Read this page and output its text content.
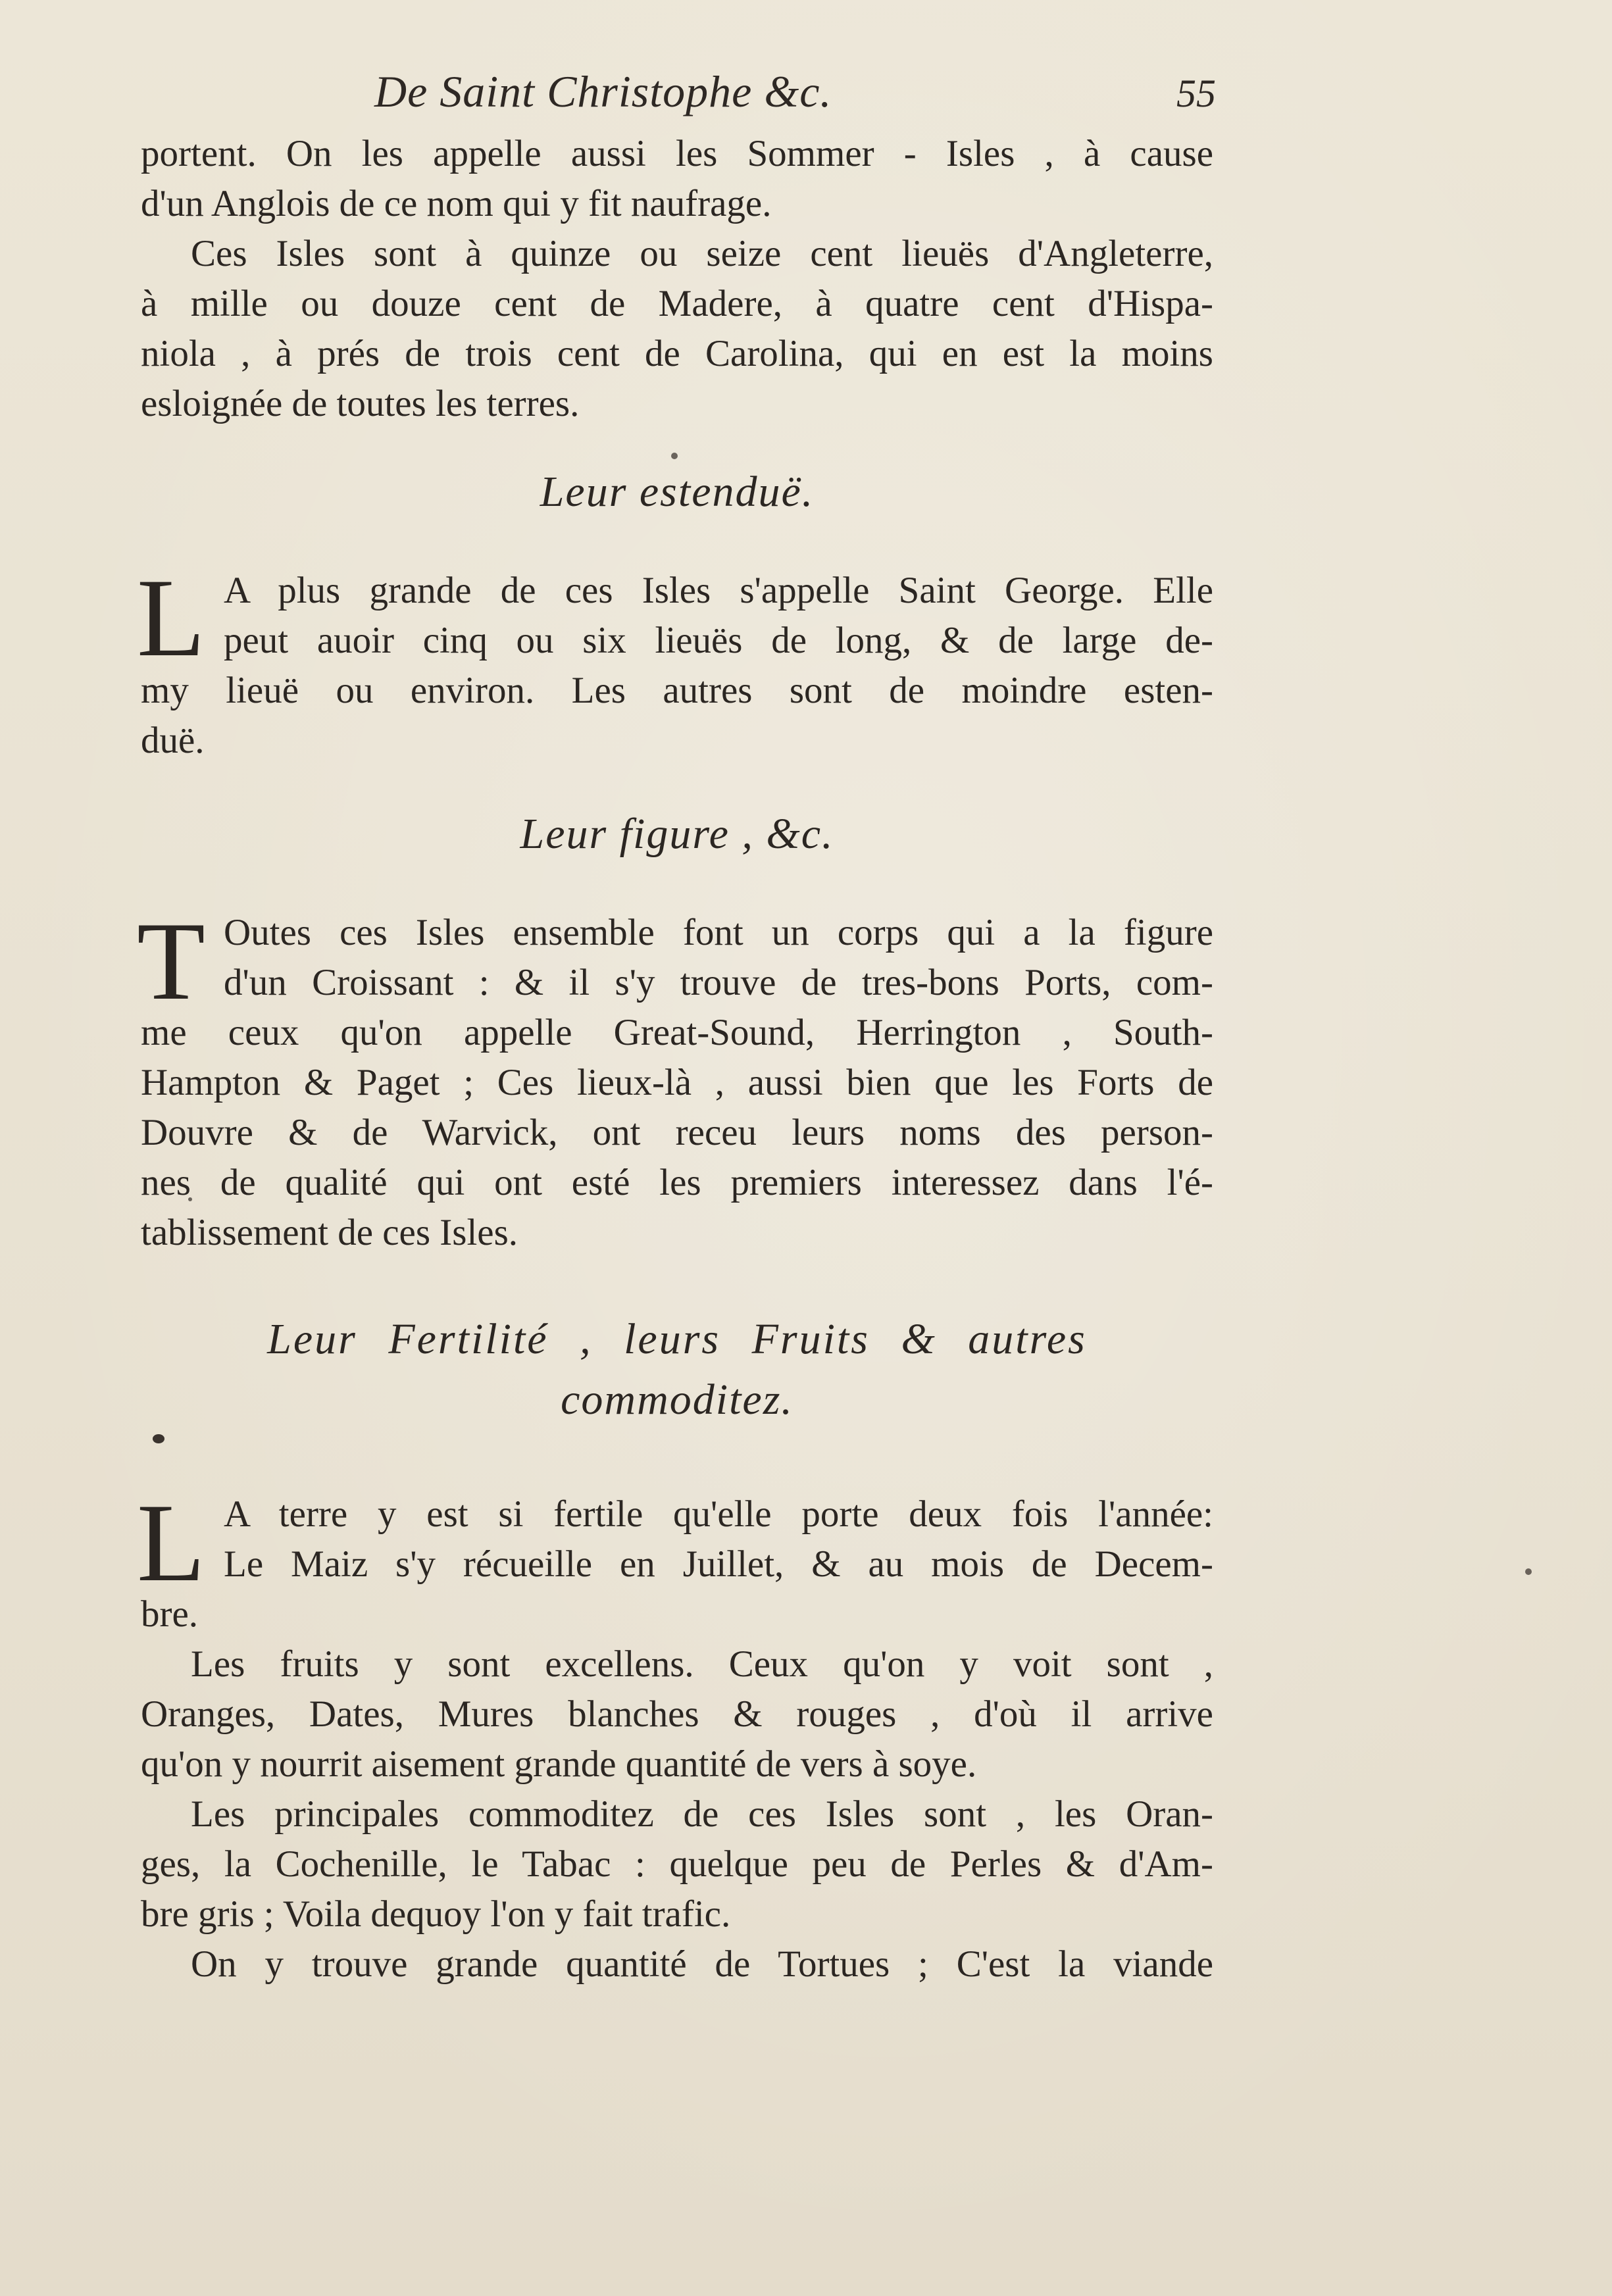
De Saint Christophe &c.	55
portent. On les appelle aussi les Sommer - Isles , à cause
d'un Anglois de ce nom qui y fit naufrage.
Ces Isles sont à quinze ou seize cent lieuës d'Angleterre,
à mille ou douze cent de Madere, à quatre cent d'Hispa-
niola , à prés de trois cent de Carolina, qui en est la moins
esloignée de toutes les terres.
Leur estenduë.
L A plus grande de ces Isles s'appelle Saint George. Elle
peut auoir cinq ou six lieuës de long, & de large de-
my lieuë ou environ. Les autres sont de moindre esten-
duë.
Leur figure , &c.
T Outes ces Isles ensemble font un corps qui a la figure
d'un Croissant : & il s'y trouve de tres-bons Ports, com-
me ceux qu'on appelle Great-Sound, Herrington , South-
Hampton & Paget ; Ces lieux-là , aussi bien que les Forts de
Douvre & de Warvick, ont receu leurs noms des person-
nes de qualité qui ont esté les premiers interessez dans l'é-
tablissement de ces Isles.
Leur Fertilité , leurs Fruits & autres
commoditez.
L A terre y est si fertile qu'elle porte deux fois l'année:
Le Maiz s'y récueille en Juillet, & au mois de Decem-
bre.
Les fruits y sont excellens. Ceux qu'on y voit sont ,
Oranges, Dates, Mures blanches & rouges , d'où il arrive
qu'on y nourrit aisement grande quantité de vers à soye.
Les principales commoditez de ces Isles sont , les Oran-
ges, la Cochenille, le Tabac : quelque peu de Perles & d'Am-
bre gris ; Voila dequoy l'on y fait trafic.
On y trouve grande quantité de Tortues ; C'est la viande
